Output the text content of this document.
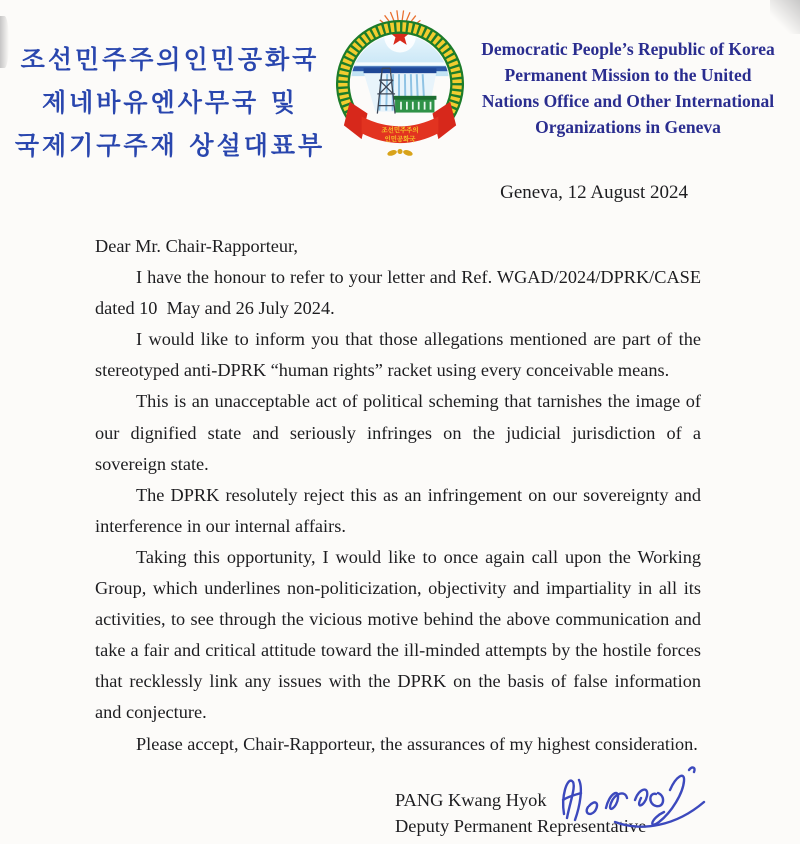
조선민주주의인민공화국
제네바유엔사무국 및
국제기구주재 상설대표부
조선민주주의
인민공화국
Democratic People’s Republic of Korea
Permanent Mission to the United
Nations Office and Other International
Organizations in Geneva
Geneva, 12 August 2024

Dear Mr. Chair-Rapporteur,

I have the honour to refer to your letter and Ref. WGAD/2024/DPRK/CASE dated 10  May and 26 July 2024.

I would like to inform you that those allegations mentioned are part of the stereotyped anti-DPRK “human rights” racket using every conceivable means.

This is an unacceptable act of political scheming that tarnishes the image of our dignified state and seriously infringes on the judicial jurisdiction of a sovereign state.

The DPRK resolutely reject this as an infringement on our sovereignty and interference in our internal affairs.

Taking this opportunity, I would like to once again call upon the Working Group, which underlines non-politicization, objectivity and impartiality in all its activities, to see through the vicious motive behind the above communication and take a fair and critical attitude toward the ill-minded attempts by the hostile forces that recklessly link any issues with the DPRK on the basis of false information and conjecture.

Please accept, Chair-Rapporteur, the assurances of my highest consideration.

PANG Kwang Hyok
Deputy Permanent Representative
